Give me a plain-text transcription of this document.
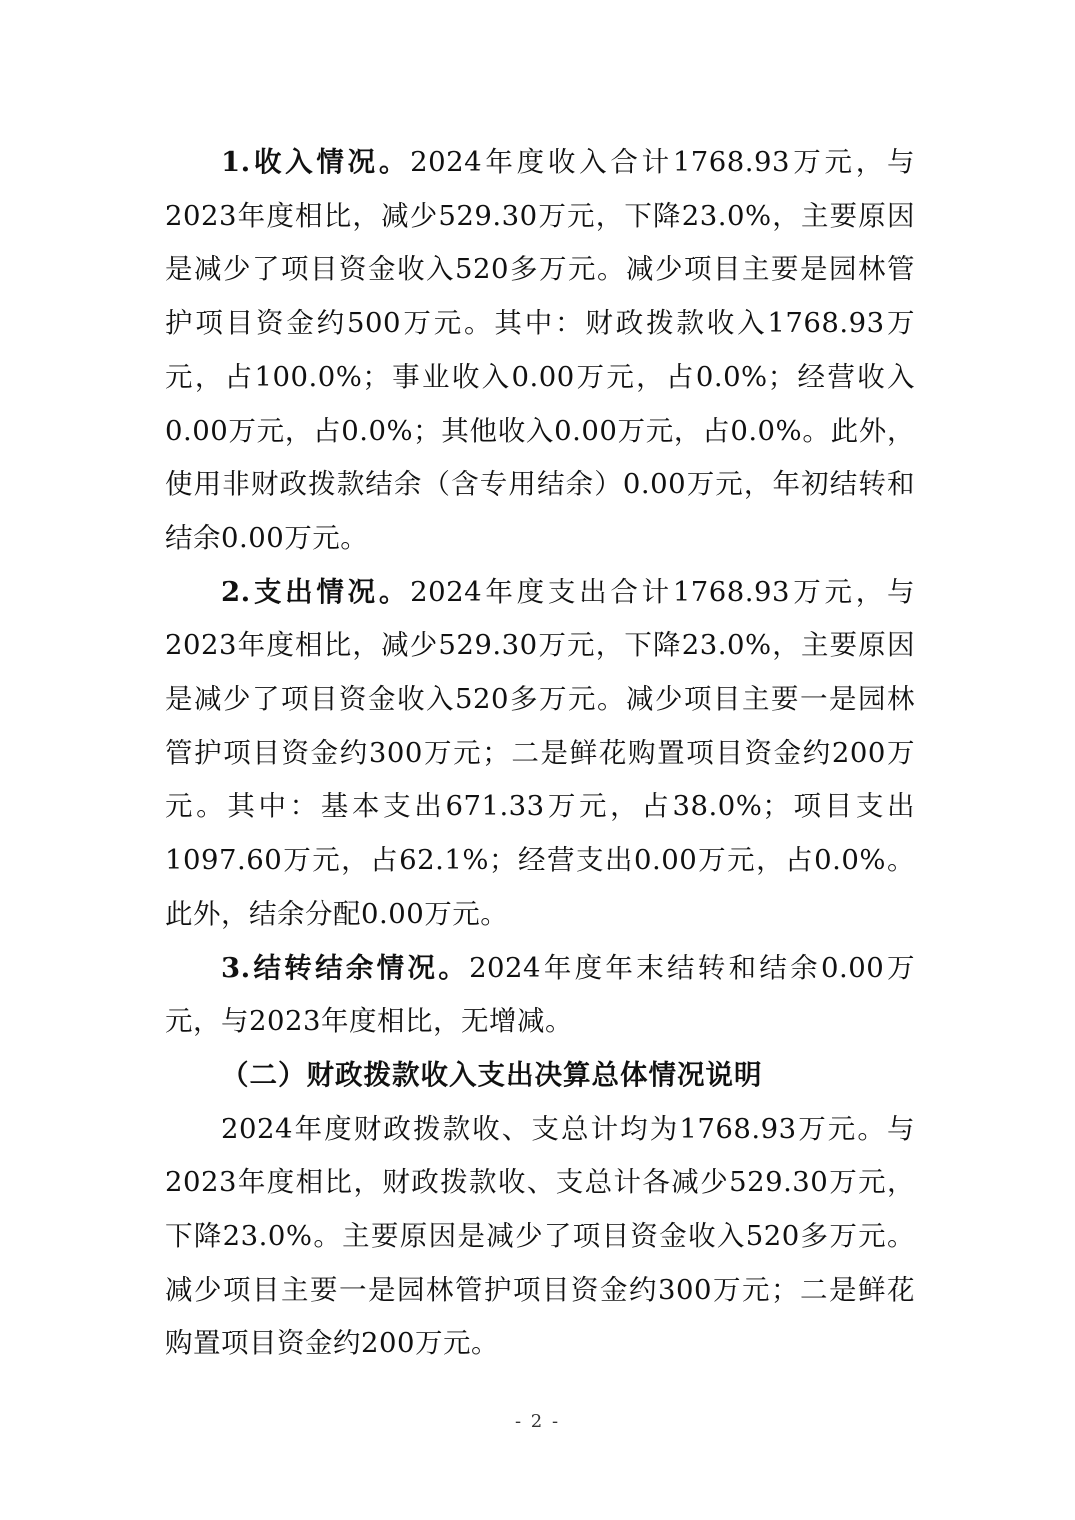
1.收入情况。2024年度收入合计1768.93万元，与2023年度相比，减少529.30万元，下降23.0%，主要原因是减少了项目资金收入520多万元。减少项目主要是园林管护项目资金约500万元。其中：财政拨款收入1768.93万元，占100.0%；事业收入0.00万元，占0.0%；经营收入0.00万元，占0.0%；其他收入0.00万元，占0.0%。此外，使用非财政拨款结余（含专用结余）0.00万元，年初结转和结余0.00万元。

2.支出情况。2024年度支出合计1768.93万元，与2023年度相比，减少529.30万元，下降23.0%，主要原因是减少了项目资金收入520多万元。减少项目主要一是园林管护项目资金约300万元；二是鲜花购置项目资金约200万元。其中：基本支出671.33万元，占38.0%；项目支出1097.60万元，占62.1%；经营支出0.00万元，占0.0%。此外，结余分配0.00万元。

3.结转结余情况。2024年度年末结转和结余0.00万元，与2023年度相比，无增减。

（二）财政拨款收入支出决算总体情况说明

2024年度财政拨款收、支总计均为1768.93万元。与2023年度相比，财政拨款收、支总计各减少529.30万元，下降23.0%。主要原因是减少了项目资金收入520多万元。减少项目主要一是园林管护项目资金约300万元；二是鲜花购置项目资金约200万元。

- 2 -
